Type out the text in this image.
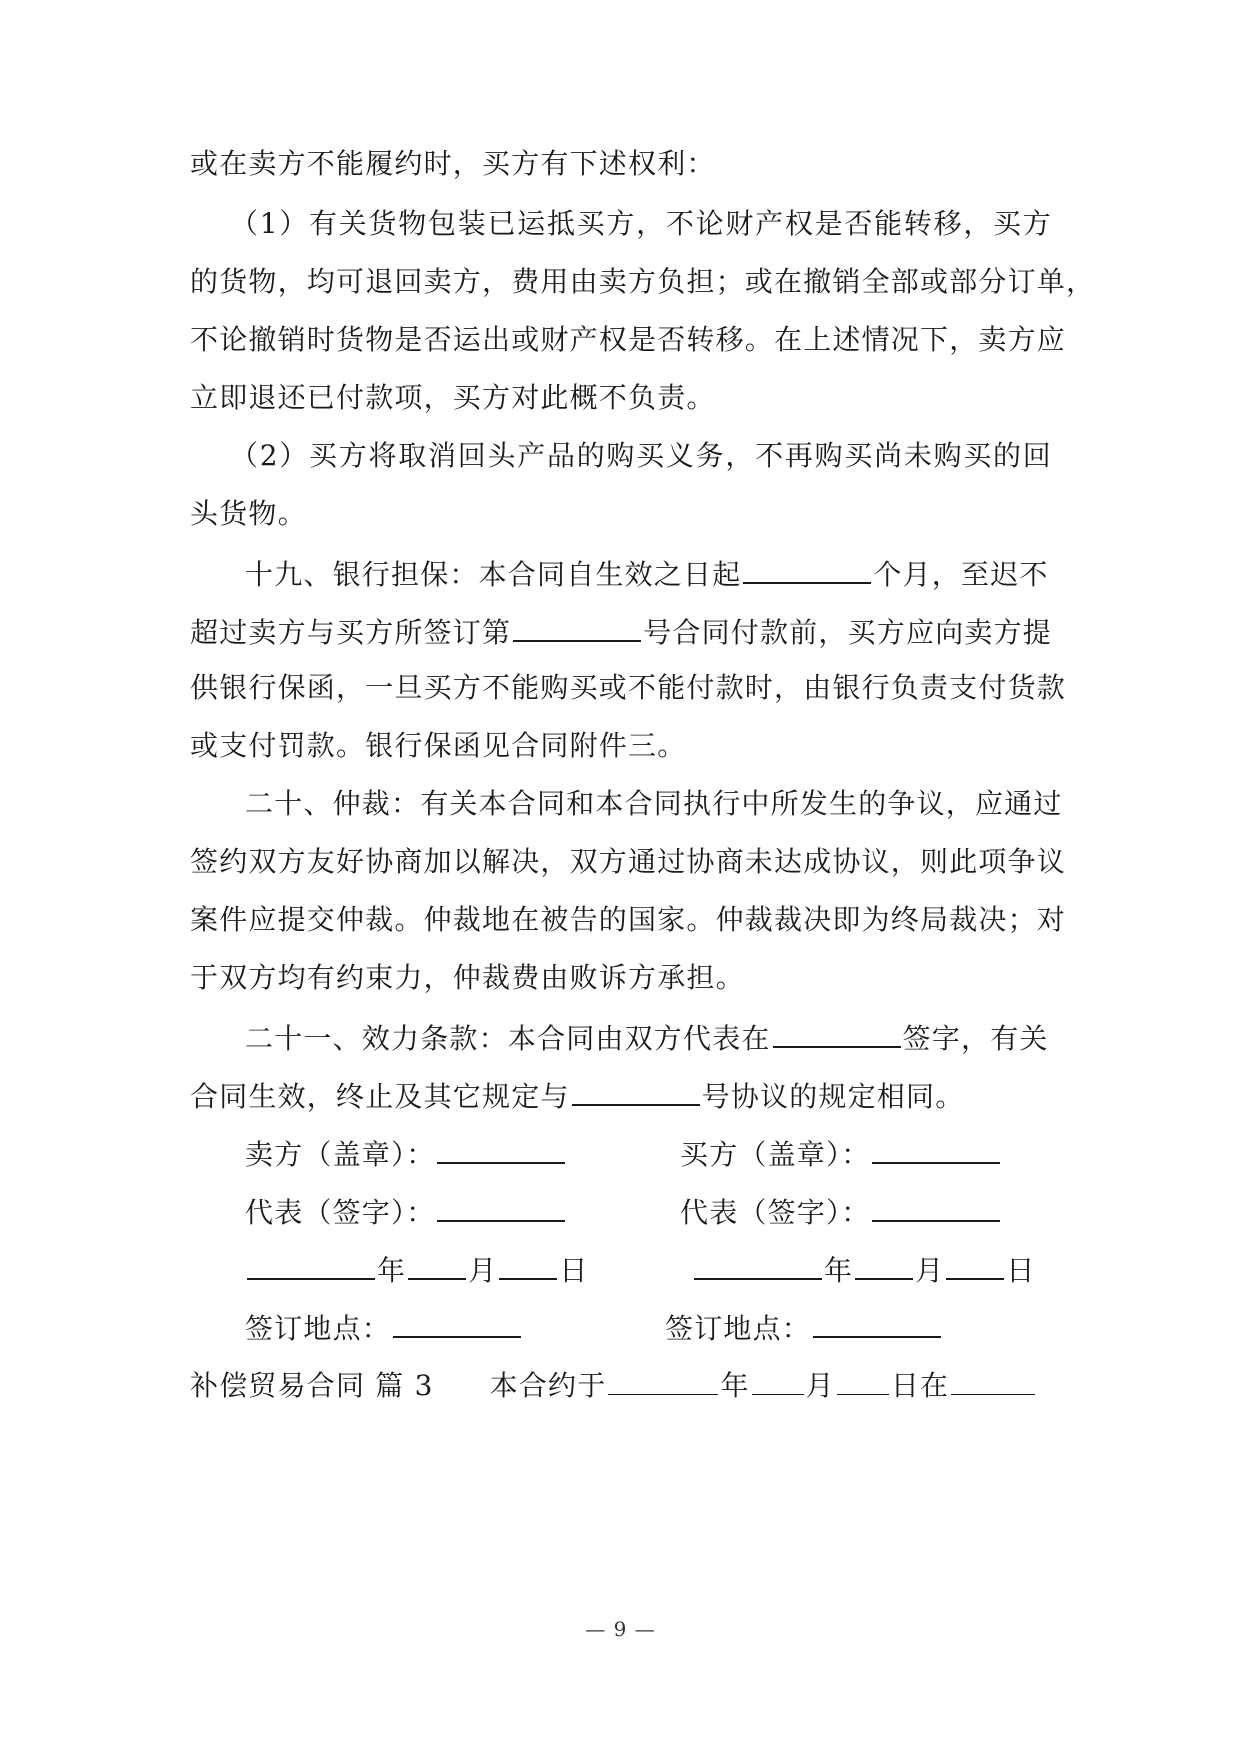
或在卖方不能履约时，买方有下述权利：
（1）有关货物包装已运抵买方，不论财产权是否能转移，买方
的货物，均可退回卖方，费用由卖方负担；或在撤销全部或部分订单，
不论撤销时货物是否运出或财产权是否转移。在上述情况下，卖方应
立即退还已付款项，买方对此概不负责。
（2）买方将取消回头产品的购买义务，不再购买尚未购买的回
头货物。
十九、银行担保：本合同自生效之日起	个月，至迟不
超过卖方与买方所签订第	号合同付款前，买方应向卖方提
供银行保函，一旦买方不能购买或不能付款时，由银行负责支付货款
或支付罚款。银行保函见合同附件三。
二十、仲裁：有关本合同和本合同执行中所发生的争议，应通过
签约双方友好协商加以解决，双方通过协商未达成协议，则此项争议
案件应提交仲裁。仲裁地在被告的国家。仲裁裁决即为终局裁决；对
于双方均有约束力，仲裁费由败诉方承担。
二十一、效力条款：本合同由双方代表在	签字，有关
合同生效，终止及其它规定与	号协议的规定相同。
卖方（盖章）：	买方（盖章）：
代表（签字）：	代表（签字）：
年 月 日	年 月 日
签订地点：	签订地点：
补偿贸易合同 篇 3 本合约于	年 月 日在
— 9 —
